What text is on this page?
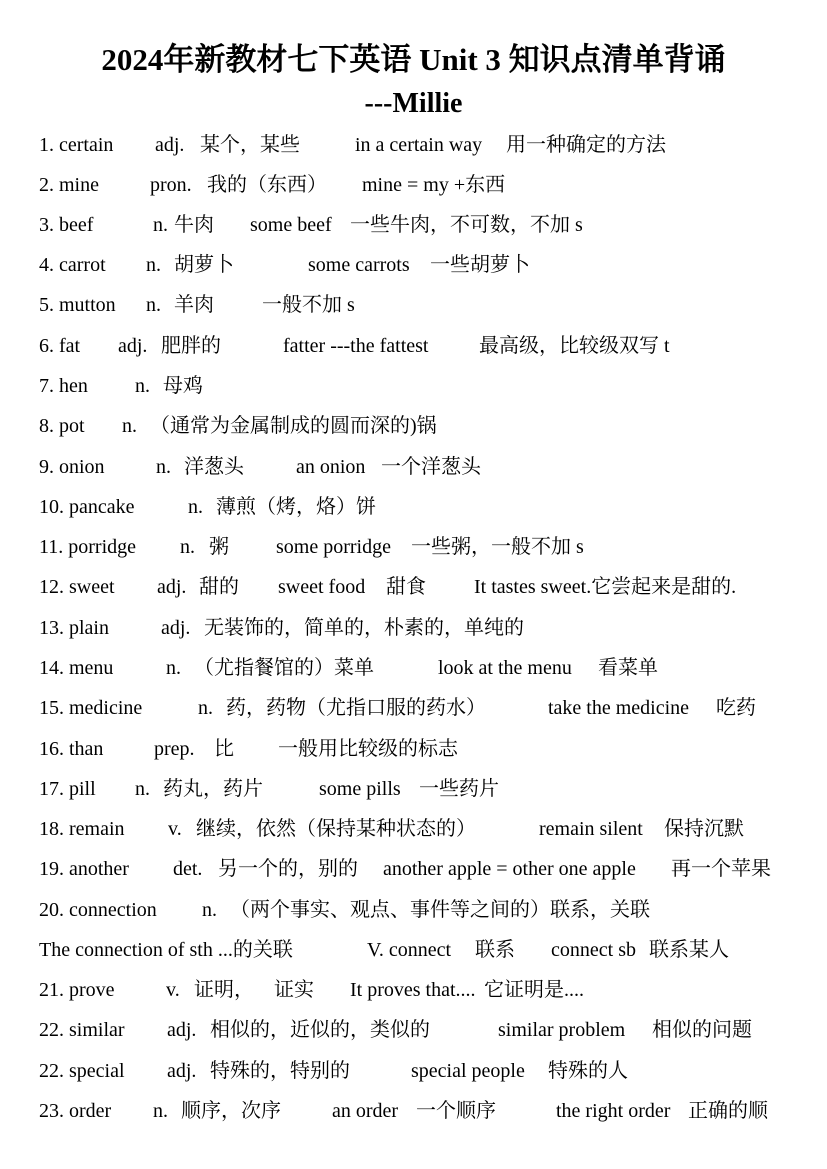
2024年新教材七下英语 Unit 3 知识点清单背诵
---Millie
1. certain adj. 某个，某些	in a certain way 用一种确定的方法
2. mine	pron. 我的（东西） mine = my +东西
3. beef	n. 牛肉 some beef 一些牛肉，不可数，不加 s
4. carrot n. 胡萝卜	some carrots 一些胡萝卜
5. mutton n. 羊肉 一般不加 s
6. fat adj. 肥胖的	fatter ---the fattest	最高级，比较级双写 t
7. hen n. 母鸡
8. pot n. （通常为金属制成的圆而深的)锅
9. onion	n. 洋葱头	an onion 一个洋葱头
10. pancake	n. 薄煎（烤，烙）饼
11. porridge n. 粥 some porridge 一些粥，一般不加 s
12. sweet adj. 甜的 sweet food 甜食 It tastes sweet.它尝起来是甜的.
13. plain	adj. 无装饰的，简单的，朴素的，单纯的
14. menu	n. （尤指餐馆的）菜单	look at the menu 看菜单
15. medicine	n. 药，药物（尤指口服的药水）	take the medicine 吃药
16. than	prep. 比 一般用比较级的标志
17. pill n. 药丸，药片	some pills 一些药片
18. remain v. 继续，依然（保持某种状态的）	remain silent 保持沉默
19. another det. 另一个的，别的 another apple = other one apple 再一个苹果
20. connection n. （两个事实、观点、事件等之间的）联系，关联
The connection of sth ...的关联	V. connect 联系 connect sb 联系某人
21. prove	v. 证明， 证实 It proves that.... 它证明是....
22. similar adj. 相似的，近似的，类似的	similar problem 相似的问题
22. special adj. 特殊的，特别的	special people 特殊的人
23. order n. 顺序，次序	an order 一个顺序	the right order 正确的顺
